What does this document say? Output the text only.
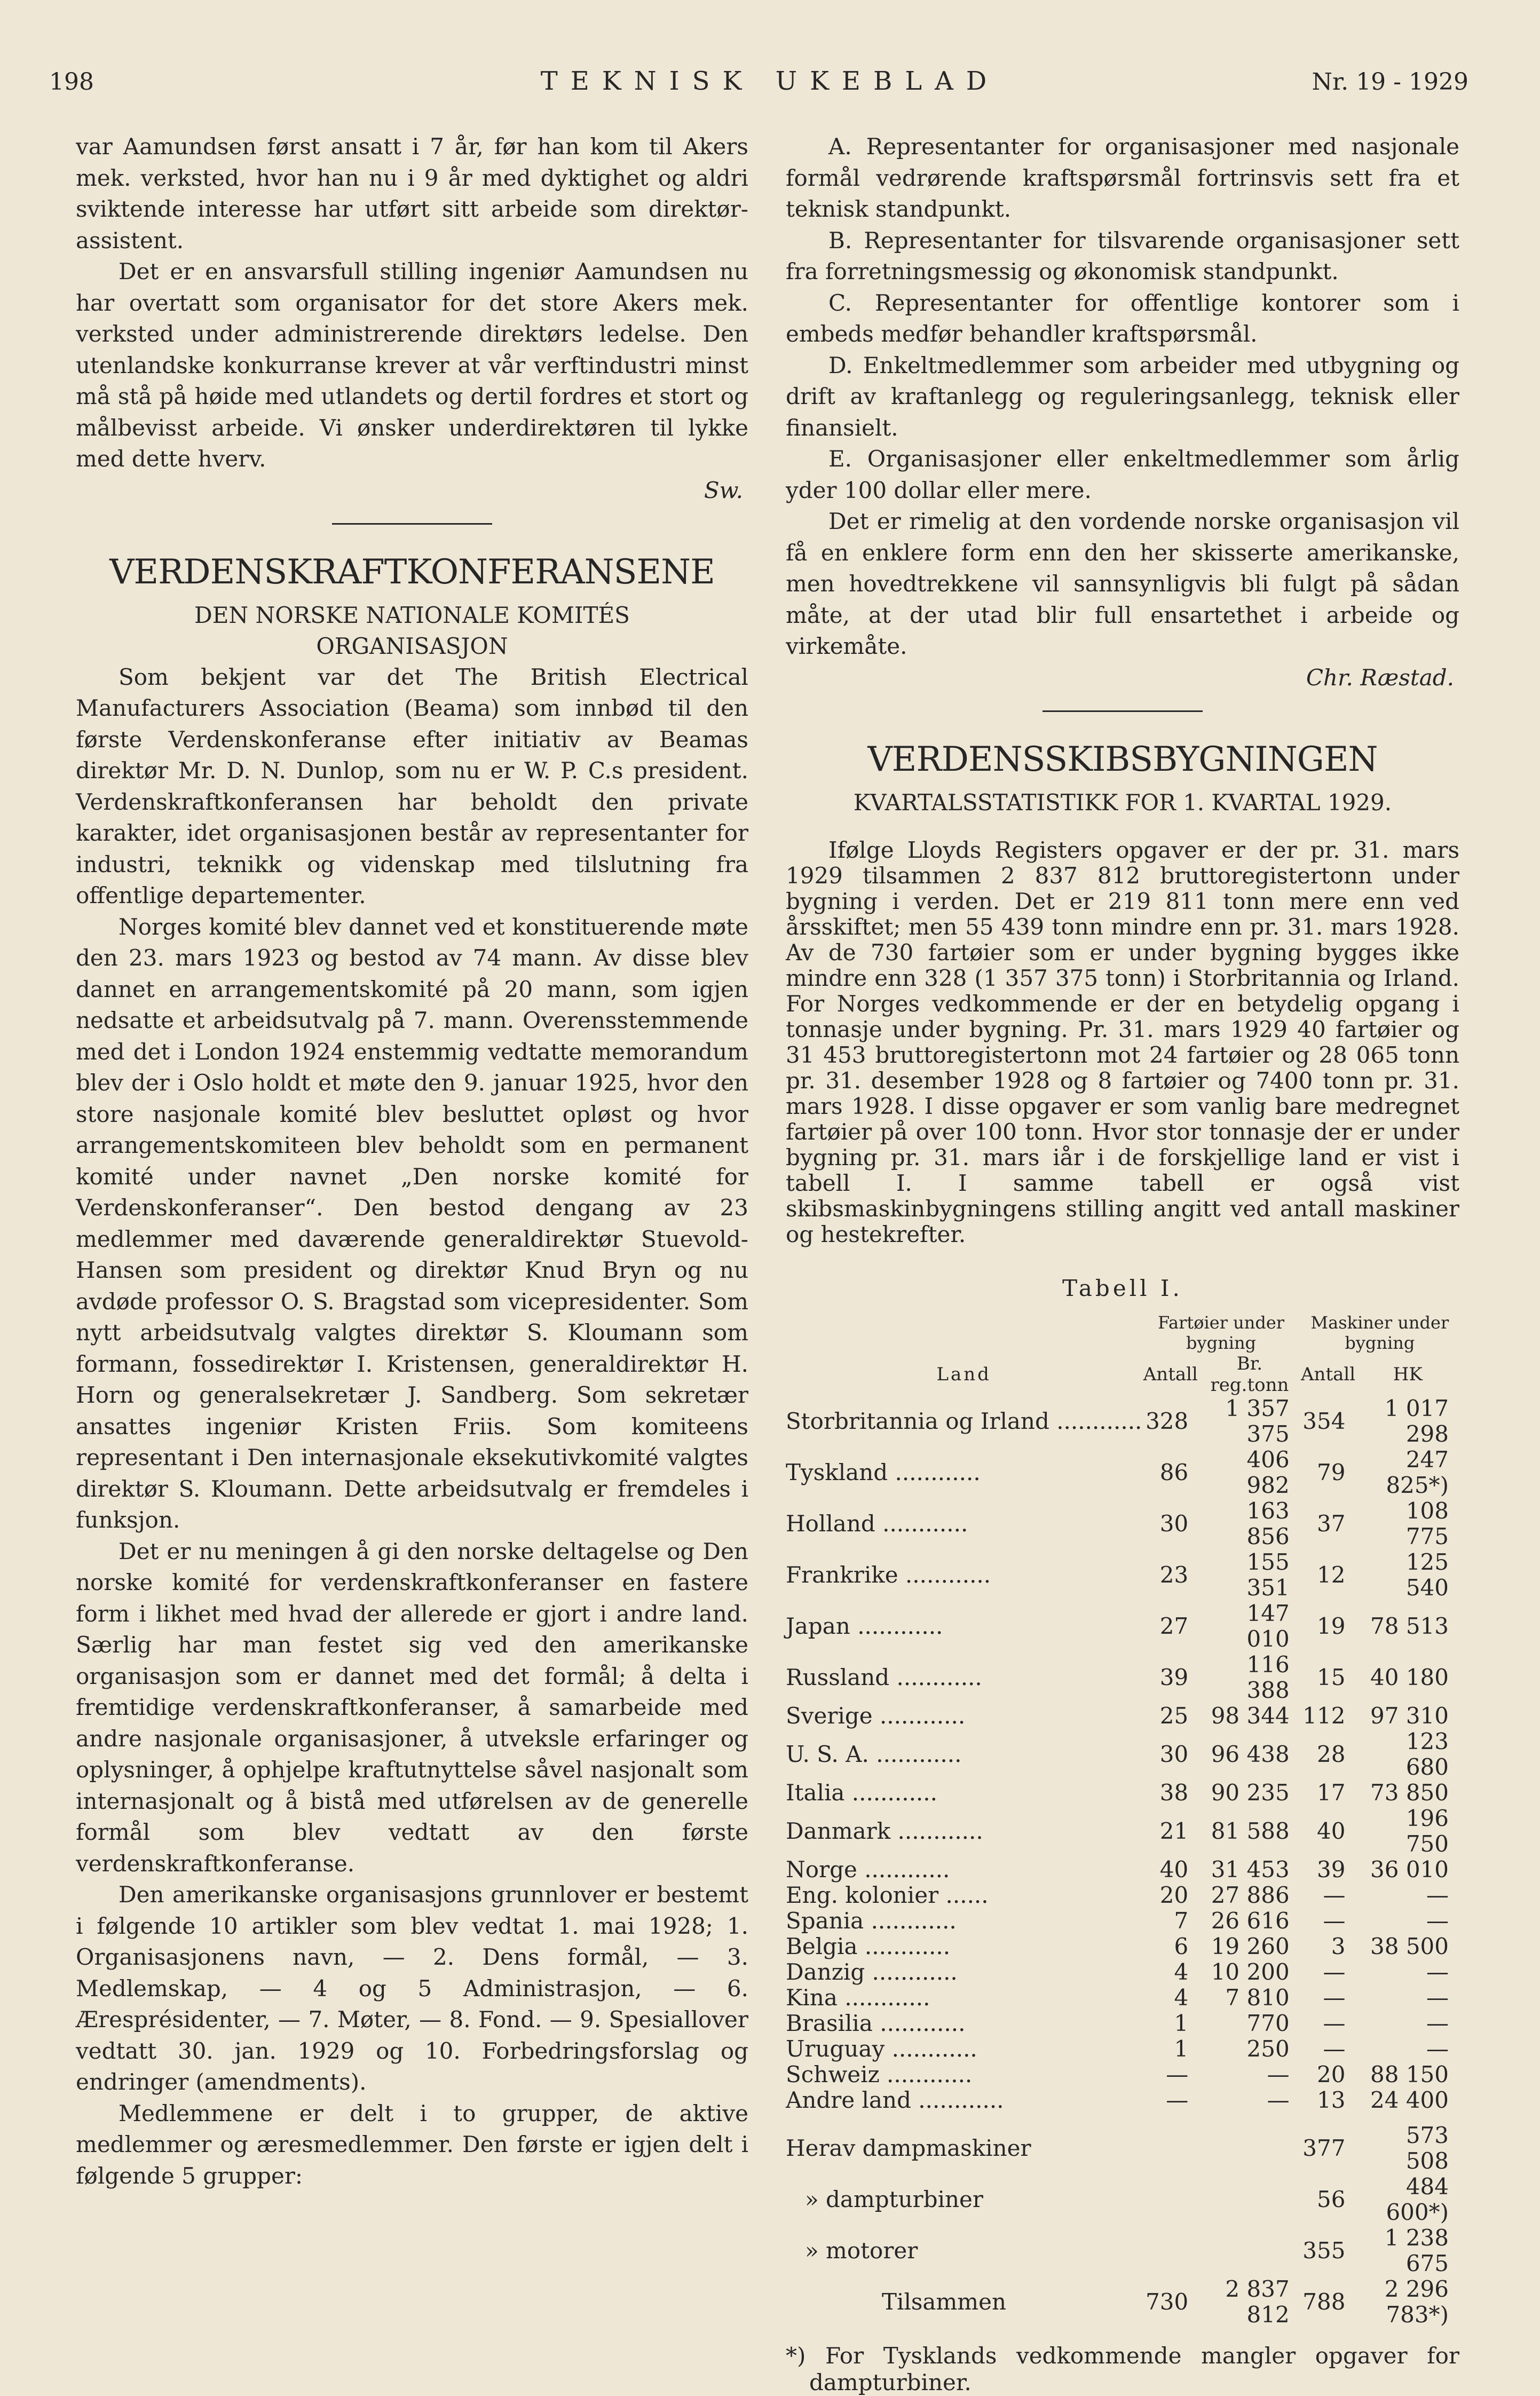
198	TEKNISK UKEBLAD	Nr. 19 - 1929

var Aamundsen først ansatt i 7 år, før han kom til Akers mek. verksted, hvor han nu i 9 år med dyktighet og aldri sviktende interesse har utført sitt arbeide som direktør-assistent.

Det er en ansvarsfull stilling ingeniør Aamundsen nu har overtatt som organisator for det store Akers mek. verksted under administrerende direktørs ledelse. Den utenlandske konkurranse krever at vår verftindustri minst må stå på høide med utlandets og dertil fordres et stort og målbevisst arbeide. Vi ønsker underdirektøren til lykke med dette hverv.

Sw.

VERDENSKRAFTKONFERANSENE

DEN NORSKE NATIONALE KOMITÉS
ORGANISASJON

Som bekjent var det The British Electrical Manufacturers Association (Beama) som innbød til den første Verdenskonferanse efter initiativ av Beamas direktør Mr. D. N. Dunlop, som nu er W. P. C.s president. Verdenskraftkonferansen har beholdt den private karakter, idet organisasjonen består av representanter for industri, teknikk og videnskap med tilslutning fra offentlige departementer.

Norges komité blev dannet ved et konstituerende møte den 23. mars 1923 og bestod av 74 mann. Av disse blev dannet en arrangementskomité på 20 mann, som igjen nedsatte et arbeidsutvalg på 7. mann. Overensstemmende med det i London 1924 enstemmig vedtatte memorandum blev der i Oslo holdt et møte den 9. januar 1925, hvor den store nasjonale komité blev besluttet opløst og hvor arrangementskomiteen blev beholdt som en permanent komité under navnet „Den norske komité for Verdenskonferanser“. Den bestod dengang av 23 medlemmer med daværende generaldirektør Stuevold-Hansen som president og direktør Knud Bryn og nu avdøde professor O. S. Bragstad som vicepresidenter. Som nytt arbeidsutvalg valgtes direktør S. Kloumann som formann, fossedirektør I. Kristensen, generaldirektør H. Horn og generalsekretær J. Sandberg. Som sekretær ansattes ingeniør Kristen Friis. Som komiteens representant i Den internasjonale eksekutivkomité valgtes direktør S. Kloumann. Dette arbeidsutvalg er fremdeles i funksjon.

Det er nu meningen å gi den norske deltagelse og Den norske komité for verdenskraftkonferanser en fastere form i likhet med hvad der allerede er gjort i andre land. Særlig har man festet sig ved den amerikanske organisasjon som er dannet med det formål; å delta i fremtidige verdenskraftkonferanser, å samarbeide med andre nasjonale organisasjoner, å utveksle erfaringer og oplysninger, å ophjelpe kraftutnyttelse såvel nasjonalt som internasjonalt og å bistå med utførelsen av de generelle formål som blev vedtatt av den første verdenskraftkonferanse.

Den amerikanske organisasjons grunnlover er bestemt i følgende 10 artikler som blev vedtat 1. mai 1928; 1. Organisasjonens navn, — 2. Dens formål, — 3. Medlemskap, — 4 og 5 Administrasjon, — 6. Æresprésidenter, — 7. Møter, — 8. Fond. — 9. Spesiallover vedtatt 30. jan. 1929 og 10. Forbedringsforslag og endringer (amendments).

Medlemmene er delt i to grupper, de aktive medlemmer og æresmedlemmer. Den første er igjen delt i følgende 5 grupper:

A. Representanter for organisasjoner med nasjonale formål vedrørende kraftspørsmål fortrinsvis sett fra et teknisk standpunkt.

B. Representanter for tilsvarende organisasjoner sett fra forretningsmessig og økonomisk standpunkt.

C. Representanter for offentlige kontorer som i embeds medfør behandler kraftspørsmål.

D. Enkeltmedlemmer som arbeider med utbygning og drift av kraftanlegg og reguleringsanlegg, teknisk eller finansielt.

E. Organisasjoner eller enkeltmedlemmer som årlig yder 100 dollar eller mere.

Det er rimelig at den vordende norske organisasjon vil få en enklere form enn den her skisserte amerikanske, men hovedtrekkene vil sannsynligvis bli fulgt på sådan måte, at der utad blir full ensartethet i arbeide og virkemåte.

Chr. Ræstad.

VERDENSSKIBSBYGNINGEN

KVARTALSSTATISTIKK FOR 1. KVARTAL 1929.

Ifølge Lloyds Registers opgaver er der pr. 31. mars 1929 tilsammen 2 837 812 bruttoregistertonn under bygning i verden. Det er 219 811 tonn mere enn ved årsskiftet; men 55 439 tonn mindre enn pr. 31. mars 1928. Av de 730 fartøier som er under bygning bygges ikke mindre enn 328 (1 357 375 tonn) i Storbritannia og Irland. For Norges vedkommende er der en betydelig opgang i tonnasje under bygning. Pr. 31. mars 1929 40 fartøier og 31 453 bruttoregistertonn mot 24 fartøier og 28 065 tonn pr. 31. desember 1928 og 8 fartøier og 7400 tonn pr. 31. mars 1928. I disse opgaver er som vanlig bare medregnet fartøier på over 100 tonn. Hvor stor tonnasje der er under bygning pr. 31. mars iår i de forskjellige land er vist i tabell I. I samme tabell er også vist skibsmaskinbygningens stilling angitt ved antall maskiner og hestekrefter.

Tabell I.

	Fartøier under bygning		Maskiner under bygning	
Land	Antall	Br. reg.tonn	Antall	HK
Storbritannia og Irland ............	328	1 357 375	354	1 017 298
Tyskland ............	86	406 982	79	247 825*)
Holland ............	30	163 856	37	108 775
Frankrike ............	23	155 351	12	125 540
Japan ............	27	147 010	19	78 513
Russland ............	39	116 388	15	40 180
Sverige ............	25	98 344	112	97 310
U. S. A. ............	30	96 438	28	123 680
Italia ............	38	90 235	17	73 850
Danmark ............	21	81 588	40	196 750
Norge ............	40	31 453	39	36 010
Eng. kolonier ......	20	27 886	—	—
Spania ............	7	26 616	—	—
Belgia ............	6	19 260	3	38 500
Danzig ............	4	10 200	—	—
Kina ............	4	7 810	—	—
Brasilia ............	1	770	—	—
Uruguay ............	1	250	—	—
Schweiz ............	—	—	20	88 150
Andre land ............	—	—	13	24 400
Tilsammen	730	2 837 812	788	2 296 783*)
Herav dampmaskiner			377	573 508
» dampturbiner			56	484 600*)
» motorer			355	1 238 675

*) For Tysklands vedkommende mangler opgaver for dampturbiner.
